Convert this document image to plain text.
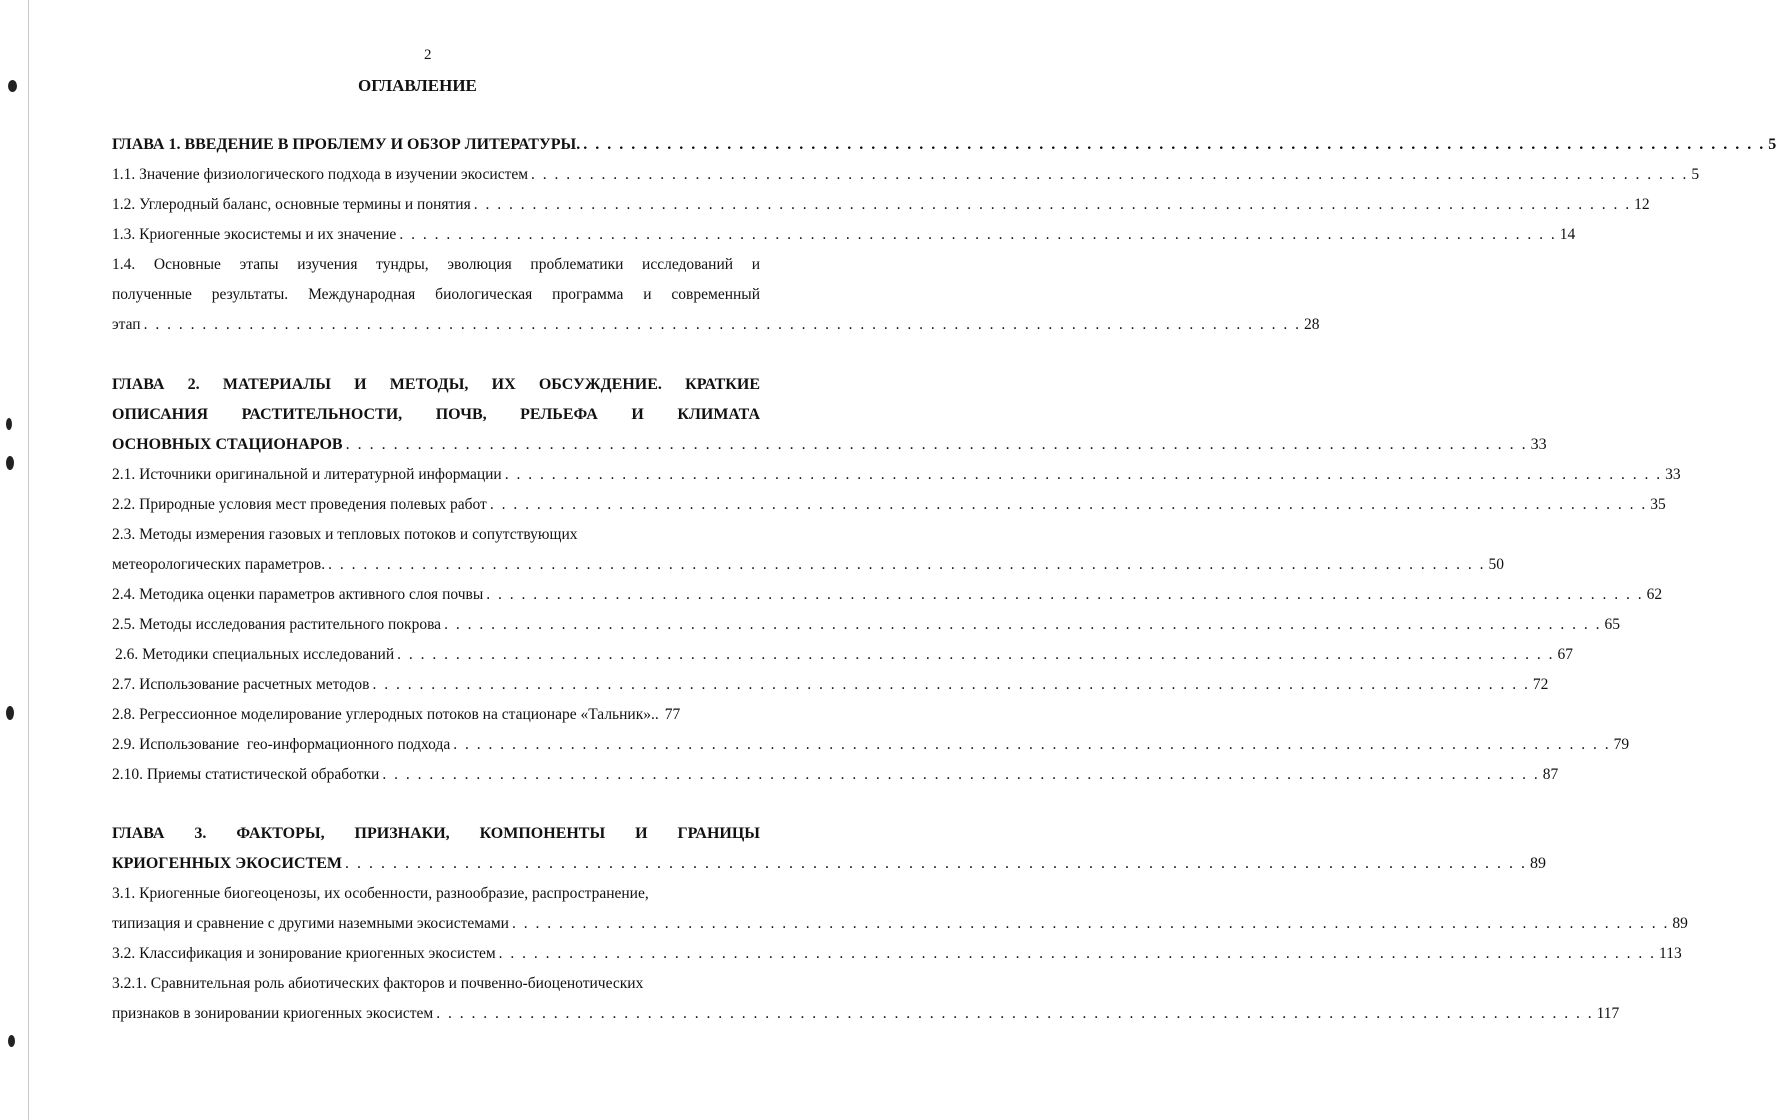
2
ОГЛАВЛЕНИЕ
ГЛАВА 1. ВВЕДЕНИЕ В ПРОБЛЕМУ И ОБЗОР ЛИТЕРАТУРЫ. . . . . . . . . . . . . . . . . . . . . . . . . . . . . . . . . . . . . . . . . . . . . . . . . . . . . . . . . . . . . . . . . . . . . . . . . . . . . . . . . . . . . . . . . . . . . . . . . . . . 5
1.1. Значение физиологического подхода в изучении экосистем . . . . . . . . . . . . . . . . . . . . . . . . . . . . . . . . . . . . . . . . . . . . . . . . . . . . . . . . . . . . . . . . . . . . . . . . . . . . . . . . . . . . . . . . . . . . . . . . . . . 5
1.2. Углеродный баланс, основные термины и понятия . . . . . . . . . . . . . . . . . . . . . . . . . . . . . . . . . . . . . . . . . . . . . . . . . . . . . . . . . . . . . . . . . . . . . . . . . . . . . . . . . . . . . . . . . . . . . . . . . . . 12
1.3. Криогенные экосистемы и их значение . . . . . . . . . . . . . . . . . . . . . . . . . . . . . . . . . . . . . . . . . . . . . . . . . . . . . . . . . . . . . . . . . . . . . . . . . . . . . . . . . . . . . . . . . . . . . . . . . . . 14
1.4. Основные этапы изучения тундры, эволюция проблематики исследований и
полученные результаты. Международная биологическая программа и современный
этап . . . . . . . . . . . . . . . . . . . . . . . . . . . . . . . . . . . . . . . . . . . . . . . . . . . . . . . . . . . . . . . . . . . . . . . . . . . . . . . . . . . . . . . . . . . . . . . . . . . 28
ГЛАВА 2. МАТЕРИАЛЫ И МЕТОДЫ, ИХ ОБСУЖДЕНИЕ. КРАТКИЕ
ОПИСАНИЯ РАСТИТЕЛЬНОСТИ, ПОЧВ, РЕЛЬЕФА И КЛИМАТА
ОСНОВНЫХ СТАЦИОНАРОВ . . . . . . . . . . . . . . . . . . . . . . . . . . . . . . . . . . . . . . . . . . . . . . . . . . . . . . . . . . . . . . . . . . . . . . . . . . . . . . . . . . . . . . . . . . . . . . . . . . . 33
2.1. Источники оригинальной и литературной информации . . . . . . . . . . . . . . . . . . . . . . . . . . . . . . . . . . . . . . . . . . . . . . . . . . . . . . . . . . . . . . . . . . . . . . . . . . . . . . . . . . . . . . . . . . . . . . . . . . . 33
2.2. Природные условия мест проведения полевых работ . . . . . . . . . . . . . . . . . . . . . . . . . . . . . . . . . . . . . . . . . . . . . . . . . . . . . . . . . . . . . . . . . . . . . . . . . . . . . . . . . . . . . . . . . . . . . . . . . . . 35
2.3. Методы измерения газовых и тепловых потоков и сопутствующих
метеорологических параметров. . . . . . . . . . . . . . . . . . . . . . . . . . . . . . . . . . . . . . . . . . . . . . . . . . . . . . . . . . . . . . . . . . . . . . . . . . . . . . . . . . . . . . . . . . . . . . . . . . . . 50
2.4. Методика оценки параметров активного слоя почвы . . . . . . . . . . . . . . . . . . . . . . . . . . . . . . . . . . . . . . . . . . . . . . . . . . . . . . . . . . . . . . . . . . . . . . . . . . . . . . . . . . . . . . . . . . . . . . . . . . . 62
2.5. Методы исследования растительного покрова . . . . . . . . . . . . . . . . . . . . . . . . . . . . . . . . . . . . . . . . . . . . . . . . . . . . . . . . . . . . . . . . . . . . . . . . . . . . . . . . . . . . . . . . . . . . . . . . . . . 65
2.6. Методики специальных исследований . . . . . . . . . . . . . . . . . . . . . . . . . . . . . . . . . . . . . . . . . . . . . . . . . . . . . . . . . . . . . . . . . . . . . . . . . . . . . . . . . . . . . . . . . . . . . . . . . . . 67
2.7. Использование расчетных методов . . . . . . . . . . . . . . . . . . . . . . . . . . . . . . . . . . . . . . . . . . . . . . . . . . . . . . . . . . . . . . . . . . . . . . . . . . . . . . . . . . . . . . . . . . . . . . . . . . . 72
2.8. Регрессионное моделирование углеродных потоков на стационаре «Тальник». . 77
2.9. Использование  гео-информационного подхода . . . . . . . . . . . . . . . . . . . . . . . . . . . . . . . . . . . . . . . . . . . . . . . . . . . . . . . . . . . . . . . . . . . . . . . . . . . . . . . . . . . . . . . . . . . . . . . . . . . 79
2.10. Приемы статистической обработки . . . . . . . . . . . . . . . . . . . . . . . . . . . . . . . . . . . . . . . . . . . . . . . . . . . . . . . . . . . . . . . . . . . . . . . . . . . . . . . . . . . . . . . . . . . . . . . . . . . 87
ГЛАВА 3. ФАКТОРЫ, ПРИЗНАКИ, КОМПОНЕНТЫ И ГРАНИЦЫ
КРИОГЕННЫХ ЭКОСИСТЕМ . . . . . . . . . . . . . . . . . . . . . . . . . . . . . . . . . . . . . . . . . . . . . . . . . . . . . . . . . . . . . . . . . . . . . . . . . . . . . . . . . . . . . . . . . . . . . . . . . . . 89
3.1. Криогенные биогеоценозы, их особенности, разнообразие, распространение,
типизация и сравнение с другими наземными экосистемами . . . . . . . . . . . . . . . . . . . . . . . . . . . . . . . . . . . . . . . . . . . . . . . . . . . . . . . . . . . . . . . . . . . . . . . . . . . . . . . . . . . . . . . . . . . . . . . . . . . 89
3.2. Классификация и зонирование криогенных экосистем . . . . . . . . . . . . . . . . . . . . . . . . . . . . . . . . . . . . . . . . . . . . . . . . . . . . . . . . . . . . . . . . . . . . . . . . . . . . . . . . . . . . . . . . . . . . . . . . . . . 113
3.2.1. Сравнительная роль абиотических факторов и почвенно-биоценотических
признаков в зонировании криогенных экосистем . . . . . . . . . . . . . . . . . . . . . . . . . . . . . . . . . . . . . . . . . . . . . . . . . . . . . . . . . . . . . . . . . . . . . . . . . . . . . . . . . . . . . . . . . . . . . . . . . . . 117
